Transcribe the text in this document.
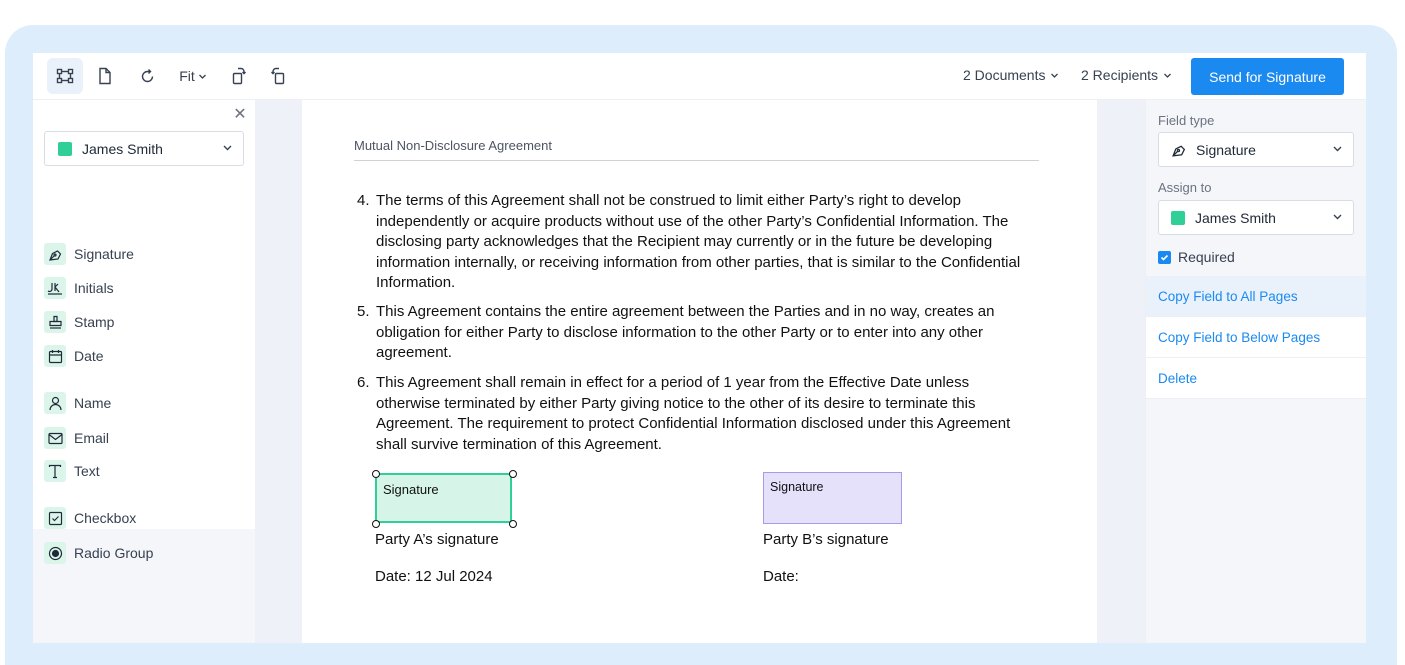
Fit	2 Documents	2 Recipients	Send for Signature
✕
James Smith
Signature
Initials
Stamp
Date
Name
Email
Text
Checkbox
Radio Group
Mutual Non-Disclosure Agreement
4. The terms of this Agreement shall not be construed to limit either Party’s right to develop independently or acquire products without use of the other Party’s Confidential Information. The disclosing party acknowledges that the Recipient may currently or in the future be developing information internally, or receiving information from other parties, that is similar to the Confidential Information.
5. This Agreement contains the entire agreement between the Parties and in no way, creates an obligation for either Party to disclose information to the other Party or to enter into any other agreement.
6. This Agreement shall remain in effect for a period of 1 year from the Effective Date unless otherwise terminated by either Party giving notice to the other of its desire to terminate this Agreement. The requirement to protect Confidential Information disclosed under this Agreement shall survive termination of this Agreement.
Signature	Signature
Party A’s signature
Date: 12 Jul 2024
Party B’s signature
Date:
Field type
Signature
Assign to
James Smith
Required
Copy Field to All Pages
Copy Field to Below Pages
Delete
